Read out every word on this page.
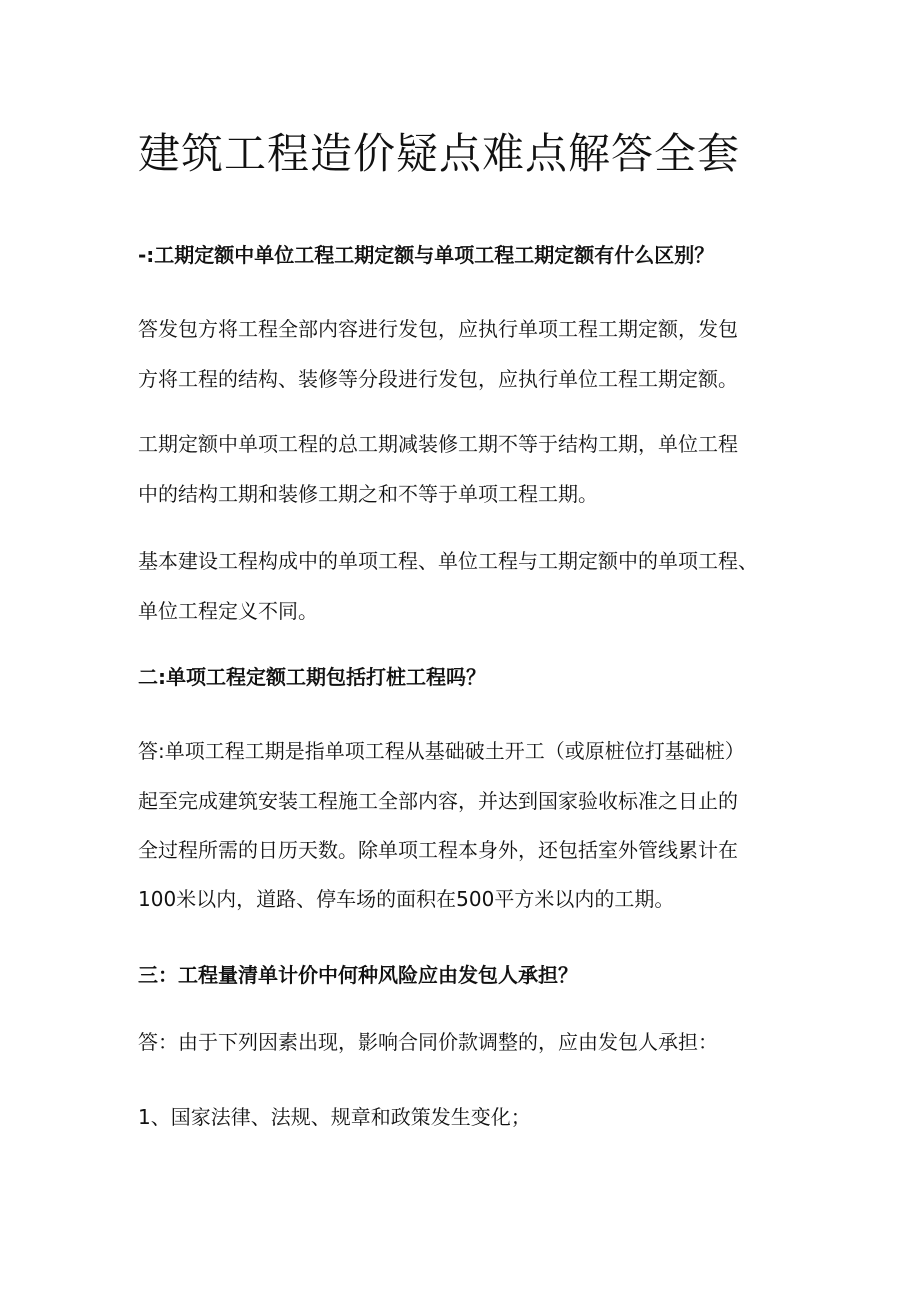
建筑工程造价疑点难点解答全套

-:工期定额中单位工程工期定额与单项工程工期定额有什么区别？

答发包方将工程全部内容进行发包，应执行单项工程工期定额，发包

方将工程的结构、装修等分段进行发包，应执行单位工程工期定额。

工期定额中单项工程的总工期减装修工期不等于结构工期，单位工程

中的结构工期和装修工期之和不等于单项工程工期。

基本建设工程构成中的单项工程、单位工程与工期定额中的单项工程、

单位工程定义不同。

二:单项工程定额工期包括打桩工程吗？

答:单项工程工期是指单项工程从基础破土开工（或原桩位打基础桩）

起至完成建筑安装工程施工全部内容，并达到国家验收标准之日止的

全过程所需的日历天数。除单项工程本身外，还包括室外管线累计在

100米以内，道路、停车场的面积在500平方米以内的工期。

三：工程量清单计价中何种风险应由发包人承担？

答：由于下列因素出现，影响合同价款调整的，应由发包人承担：

1、国家法律、法规、规章和政策发生变化；
